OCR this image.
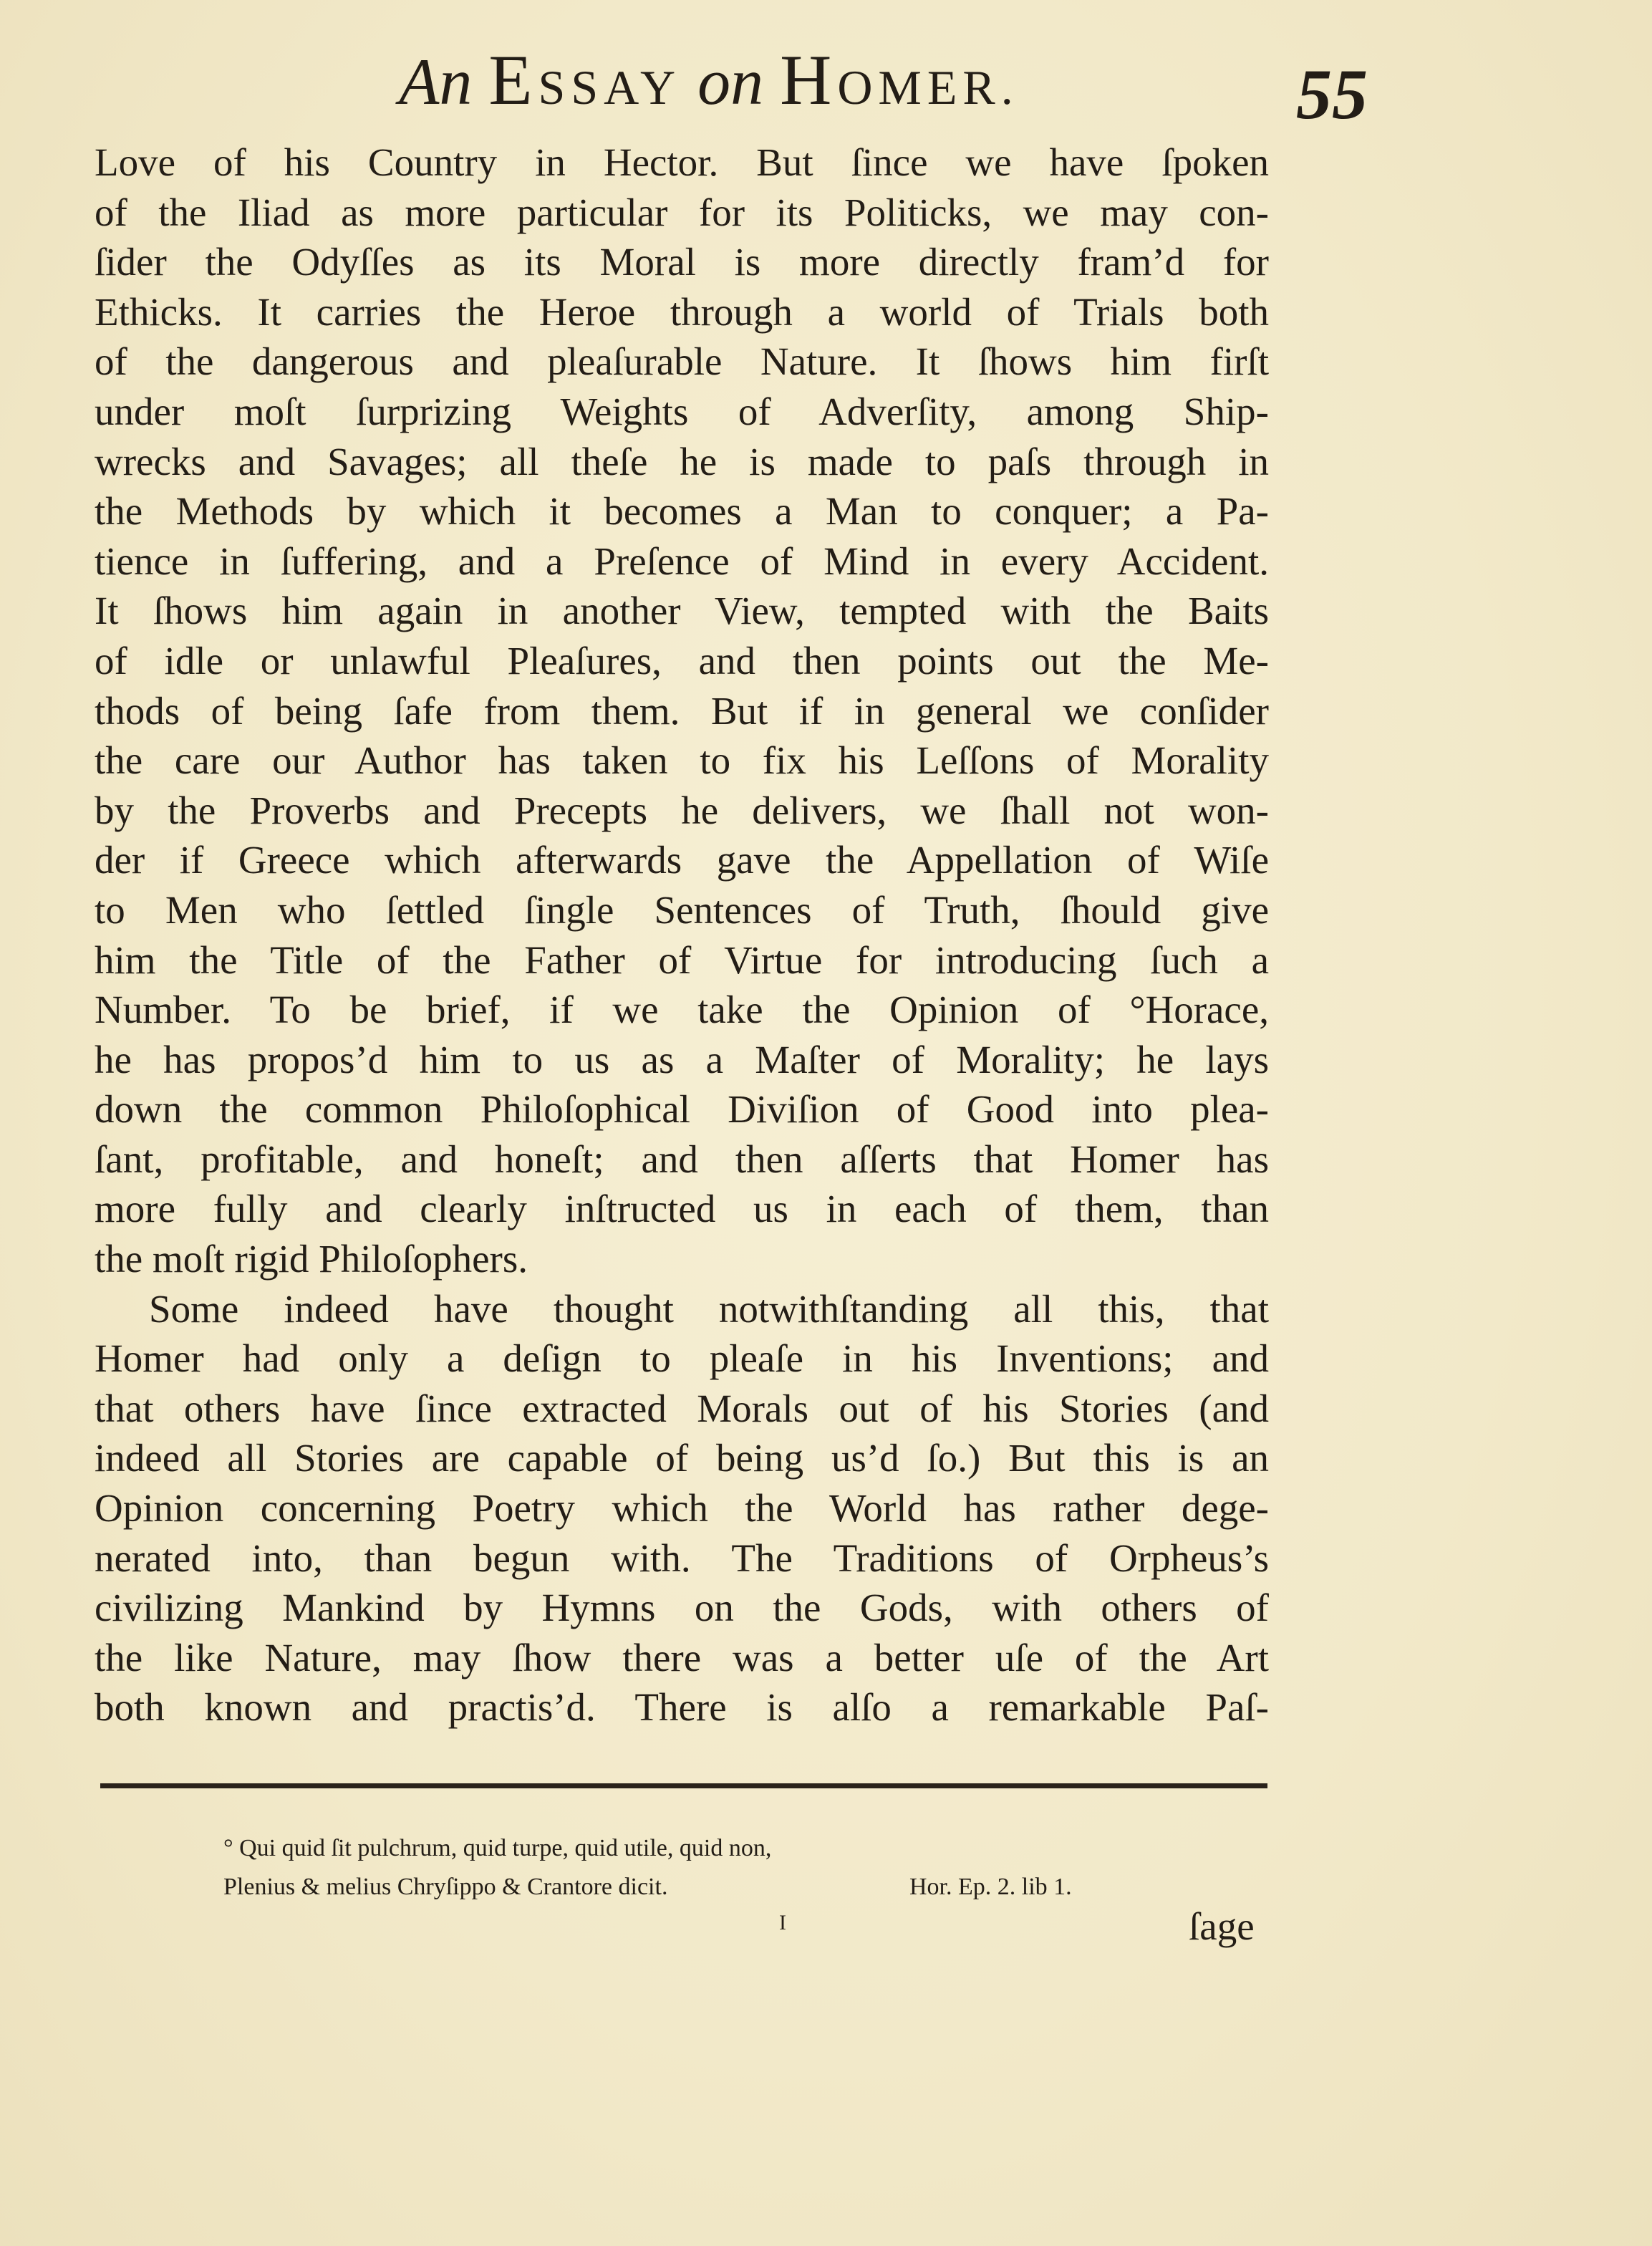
An ESSAY on HOMER.	55
Love of his Country in Hector. But ſince we have ſpoken
of the Iliad as more particular for its Politicks, we may con-
ſider the Odyſſes as its Moral is more directly fram’d for
Ethicks. It carries the Heroe through a world of Trials both
of the dangerous and pleaſurable Nature. It ſhows him firſt
under moſt ſurprizing Weights of Adverſity, among Ship-
wrecks and Savages; all theſe he is made to paſs through in
the Methods by which it becomes a Man to conquer; a Pa-
tience in ſuffering, and a Preſence of Mind in every Accident.
It ſhows him again in another View, tempted with the Baits
of idle or unlawful Pleaſures, and then points out the Me-
thods of being ſafe from them. But if in general we conſider
the care our Author has taken to fix his Leſſons of Morality
by the Proverbs and Precepts he delivers, we ſhall not won-
der if Greece which afterwards gave the Appellation of Wiſe
to Men who ſettled ſingle Sentences of Truth, ſhould give
him the Title of the Father of Virtue for introducing ſuch a
Number. To be brief, if we take the Opinion of °Horace,
he has propos’d him to us as a Maſter of Morality; he lays
down the common Philoſophical Diviſion of Good into plea-
ſant, profitable, and honeſt; and then aſſerts that Homer has
more fully and clearly inſtructed us in each of them, than
the moſt rigid Philoſophers.
Some indeed have thought notwithſtanding all this, that
Homer had only a deſign to pleaſe in his Inventions; and
that others have ſince extracted Morals out of his Stories (and
indeed all Stories are capable of being us’d ſo.) But this is an
Opinion concerning Poetry which the World has rather dege-
nerated into, than begun with. The Traditions of Orpheus’s
civilizing Mankind by Hymns on the Gods, with others of
the like Nature, may ſhow there was a better uſe of the Art
both known and practis’d. There is alſo a remarkable Paſ-
° Qui quid ſit pulchrum, quid turpe, quid utile, quid non,
Plenius & melius Chryſippo & Crantore dicit.	Hor. Ep. 2. lib 1.
I	ſage
